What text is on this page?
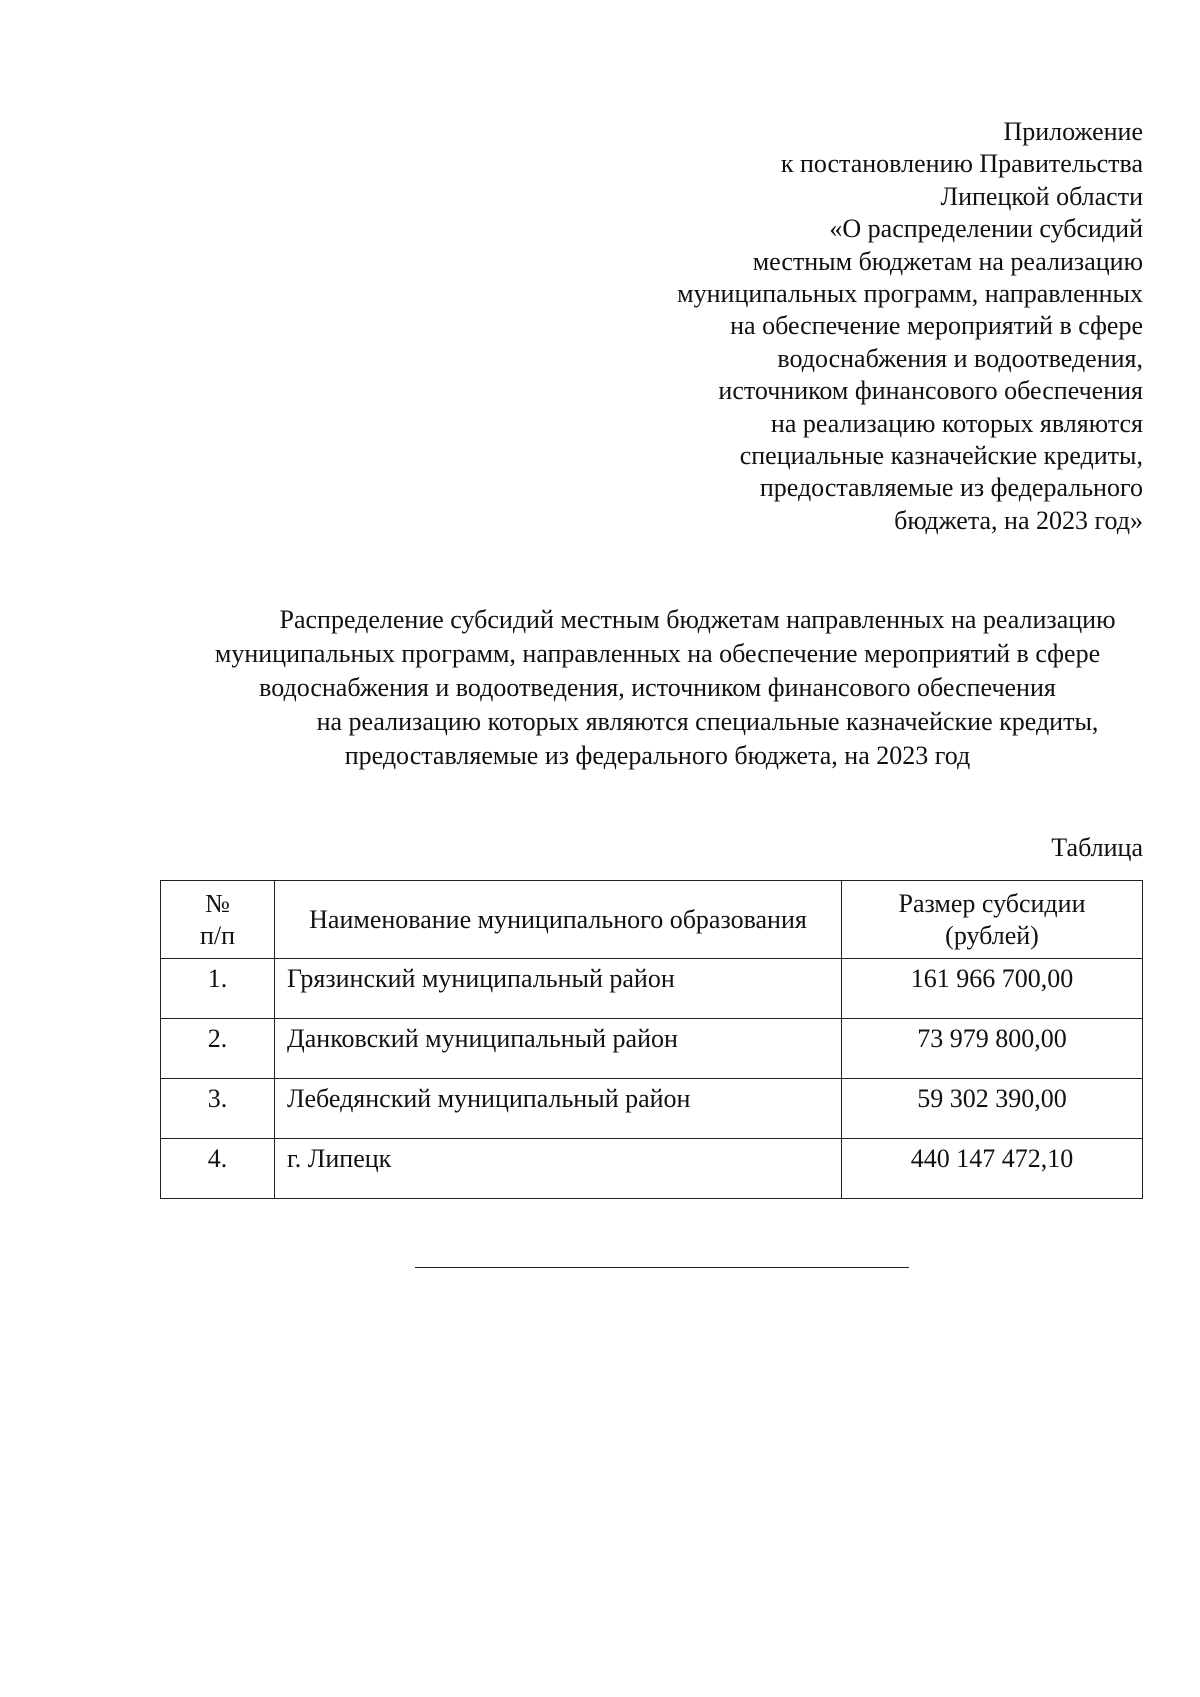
Приложение
к постановлению Правительства
Липецкой области
«О распределении субсидий
местным бюджетам на реализацию
муниципальных программ, направленных
на обеспечение мероприятий в сфере
водоснабжения и водоотведения,
источником финансового обеспечения
на реализацию которых являются
специальные казначейские кредиты,
предоставляемые из федерального
бюджета, на 2023 год»
Распределение субсидий местным бюджетам направленных на реализацию
муниципальных программ, направленных на обеспечение мероприятий в сфере
водоснабжения и водоотведения, источником финансового обеспечения
на реализацию которых являются специальные казначейские кредиты,
предоставляемые из федерального бюджета, на 2023 год
Таблица
№
п/п	Наименование муниципального образования	Размер субсидии
(рублей)

1.	Грязинский муниципальный район	161 966 700,00
2.	Данковский муниципальный район	73 979 800,00
3.	Лебедянский муниципальный район	59 302 390,00
4.	г. Липецк	440 147 472,10
